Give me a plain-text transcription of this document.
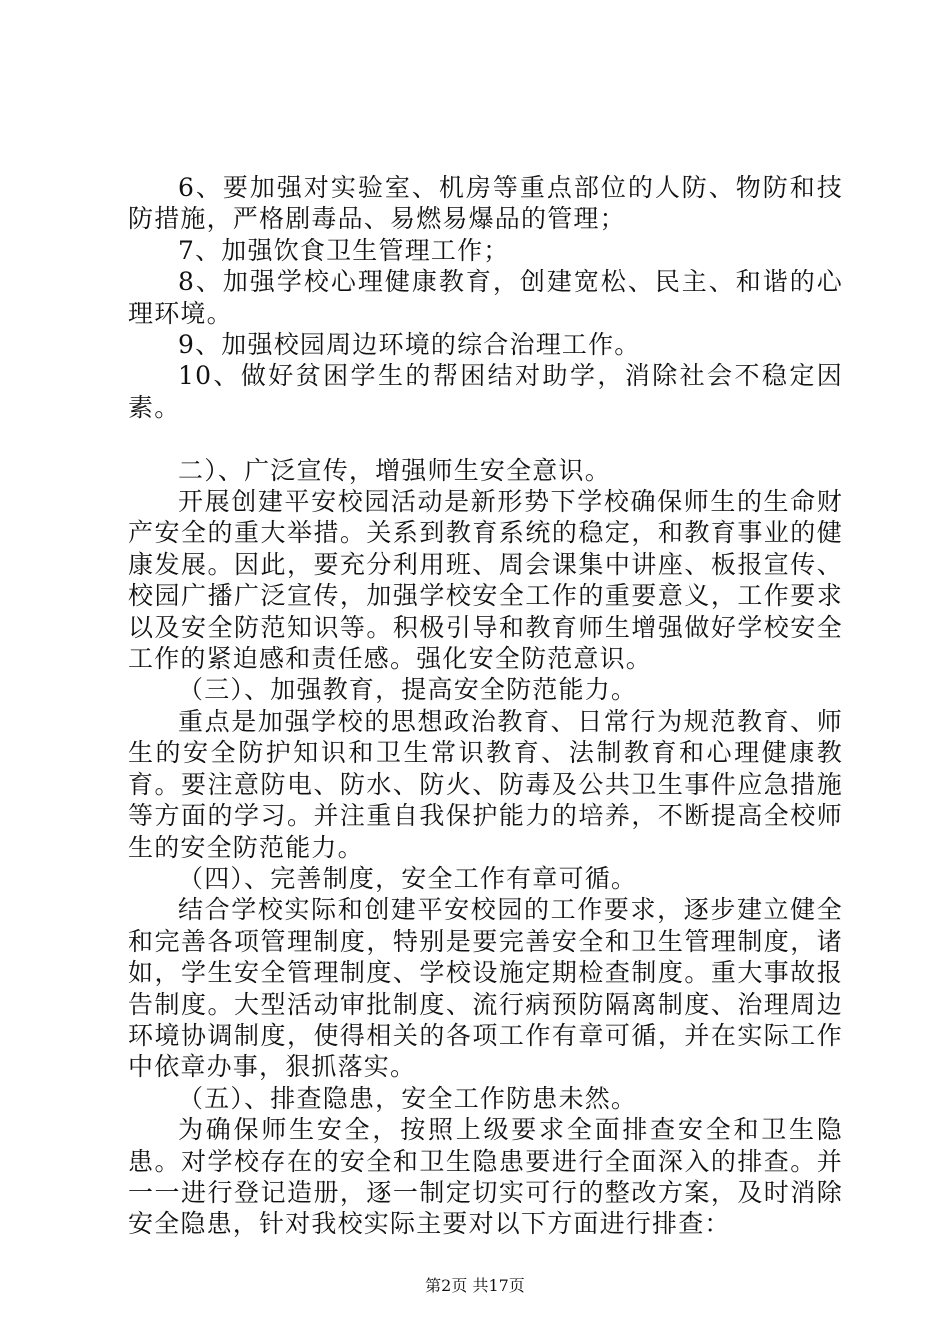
6、要加强对实验室、机房等重点部位的人防、物防和技防措施，严格剧毒品、易燃易爆品的管理；

7、加强饮食卫生管理工作；

8、加强学校心理健康教育，创建宽松、民主、和谐的心理环境。

9、加强校园周边环境的综合治理工作。

10、做好贫困学生的帮困结对助学，消除社会不稳定因素。

二）、广泛宣传，增强师生安全意识。

开展创建平安校园活动是新形势下学校确保师生的生命财产安全的重大举措。关系到教育系统的稳定，和教育事业的健康发展。因此，要充分利用班、周会课集中讲座、板报宣传、校园广播广泛宣传，加强学校安全工作的重要意义，工作要求以及安全防范知识等。积极引导和教育师生增强做好学校安全工作的紧迫感和责任感。强化安全防范意识。

（三）、加强教育，提高安全防范能力。

重点是加强学校的思想政治教育、日常行为规范教育、师生的安全防护知识和卫生常识教育、法制教育和心理健康教育。要注意防电、防水、防火、防毒及公共卫生事件应急措施等方面的学习。并注重自我保护能力的培养，不断提高全校师生的安全防范能力。

（四）、完善制度，安全工作有章可循。

结合学校实际和创建平安校园的工作要求，逐步建立健全和完善各项管理制度，特别是要完善安全和卫生管理制度，诸如，学生安全管理制度、学校设施定期检查制度。重大事故报告制度。大型活动审批制度、流行病预防隔离制度、治理周边环境协调制度，使得相关的各项工作有章可循，并在实际工作中依章办事，狠抓落实。

（五）、排查隐患，安全工作防患未然。

为确保师生安全，按照上级要求全面排查安全和卫生隐患。对学校存在的安全和卫生隐患要进行全面深入的排查。并一一进行登记造册，逐一制定切实可行的整改方案，及时消除安全隐患，针对我校实际主要对以下方面进行排查：

第2页 共17页
